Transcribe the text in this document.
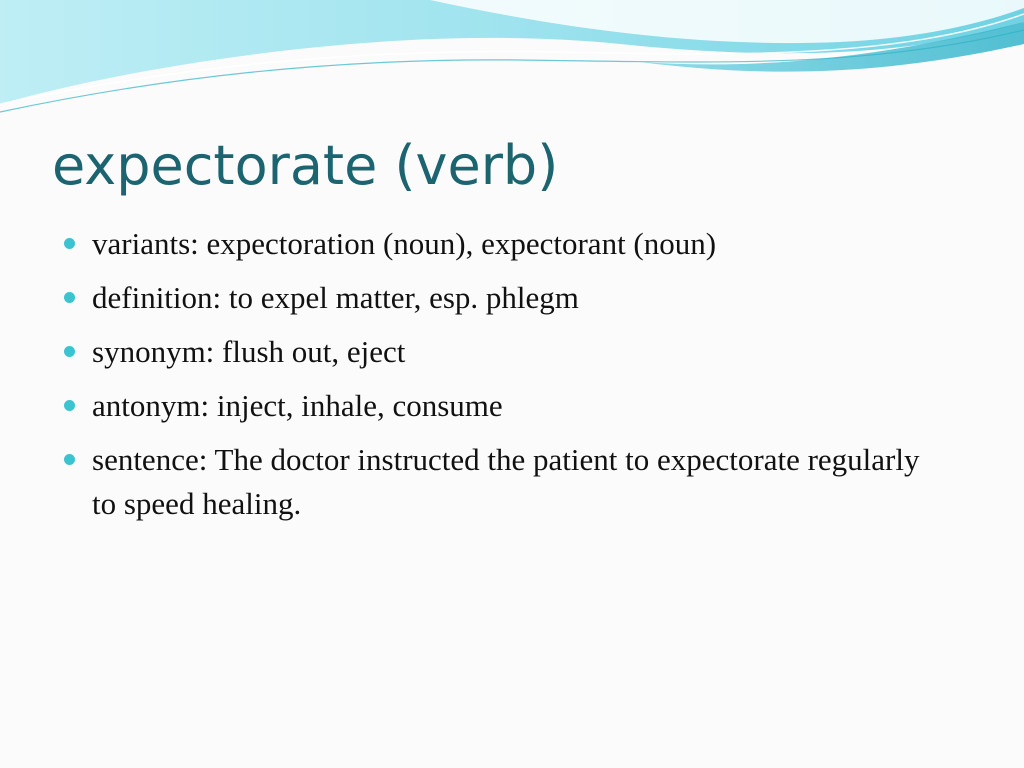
expectorate (verb)
variants: expectoration (noun), expectorant (noun)
definition: to expel matter, esp. phlegm
synonym: flush out, eject
antonym: inject, inhale, consume
sentence: The doctor instructed the patient to expectorate regularly to speed healing.
